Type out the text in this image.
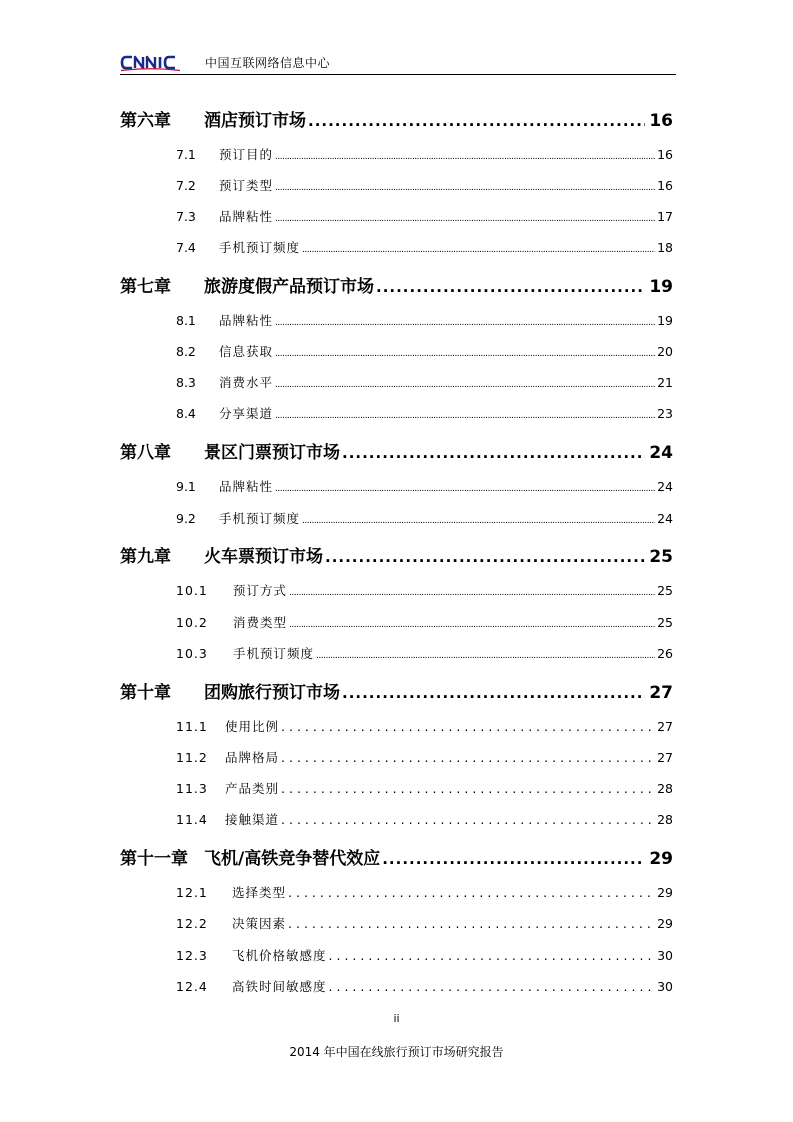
中国互联网络信息中心
第六章	酒店预订市场 .....	16
7.1	预订目的 .....	16
7.2	预订类型 .....	16
7.3	品牌粘性 .....	17
7.4	手机预订频度 .....	18
第七章	旅游度假产品预订市场 .....	19
8.1	品牌粘性 .....	19
8.2	信息获取 .....	20
8.3	消费水平 .....	21
8.4	分享渠道 .....	23
第八章	景区门票预订市场 .....	24
9.1	品牌粘性 .....	24
9.2	手机预订频度 .....	24
第九章	火车票预订市场 .....	25
10.1	预订方式 .....	25
10.2	消费类型 .....	25
10.3	手机预订频度 .....	26
第十章	团购旅行预订市场 .....	27
11.1	使用比例 .....	27
11.2	品牌格局 .....	27
11.3	产品类别 .....	28
11.4	接触渠道 .....	28
第十一章 飞机/高铁竞争替代效应 .....	29
12.1	选择类型 .....	29
12.2	决策因素 .....	29
12.3	飞机价格敏感度 .....	30
12.4	高铁时间敏感度 .....	30
ii
2014 年中国在线旅行预订市场研究报告
